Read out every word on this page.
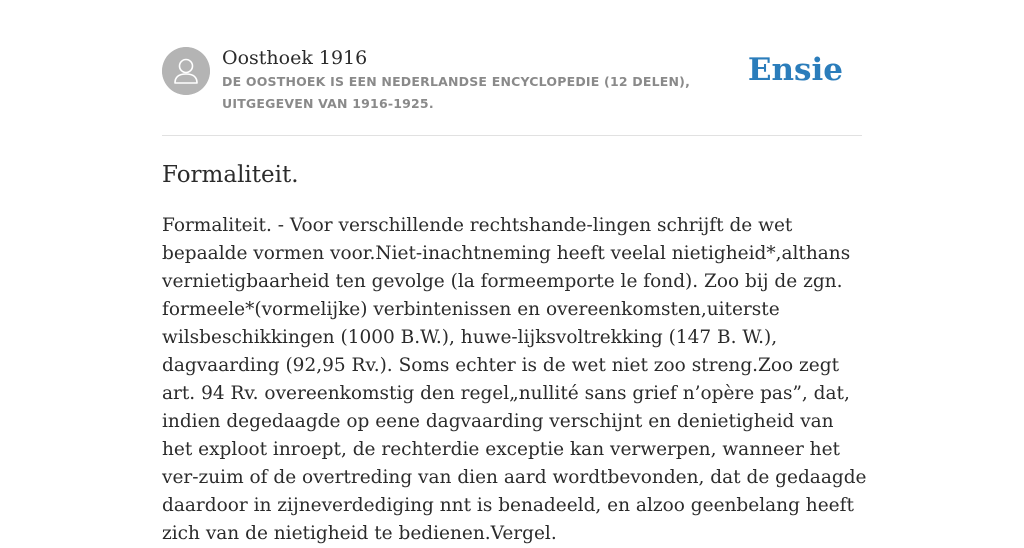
Oosthoek 1916
DE OOSTHOEK IS EEN NEDERLANDSE ENCYCLOPEDIE (12 DELEN), UITGEGEVEN VAN 1916-1925.
Ensie
Formaliteit.

Formaliteit. - Voor verschillende rechtshande-lingen schrijft de wet bepaalde vormen voor.Niet-inachtneming heeft veelal nietigheid*,althans vernietigbaarheid ten gevolge (la formeemporte le fond). Zoo bij de zgn. formeele*(vormelijke) verbintenissen en overeenkomsten,uiterste wilsbeschikkingen (1000 B.W.), huwe-lijksvoltrekking (147 B. W.), dagvaarding (92,95 Rv.). Soms echter is de wet niet zoo streng.Zoo zegt art. 94 Rv. overeenkomstig den regel„nullité sans grief n’opère pas”, dat, indien degedaagde op eene dagvaarding verschijnt en denietigheid van het exploot inroept, de rechterdie exceptie kan verwerpen, wanneer het ver-zuim of de overtreding van dien aard wordtbevonden, dat de gedaagde daardoor in zijneverdediging nnt is benadeeld, en alzoo geenbelang heeft zich van de nietigheid te bedienen.Vergel.
